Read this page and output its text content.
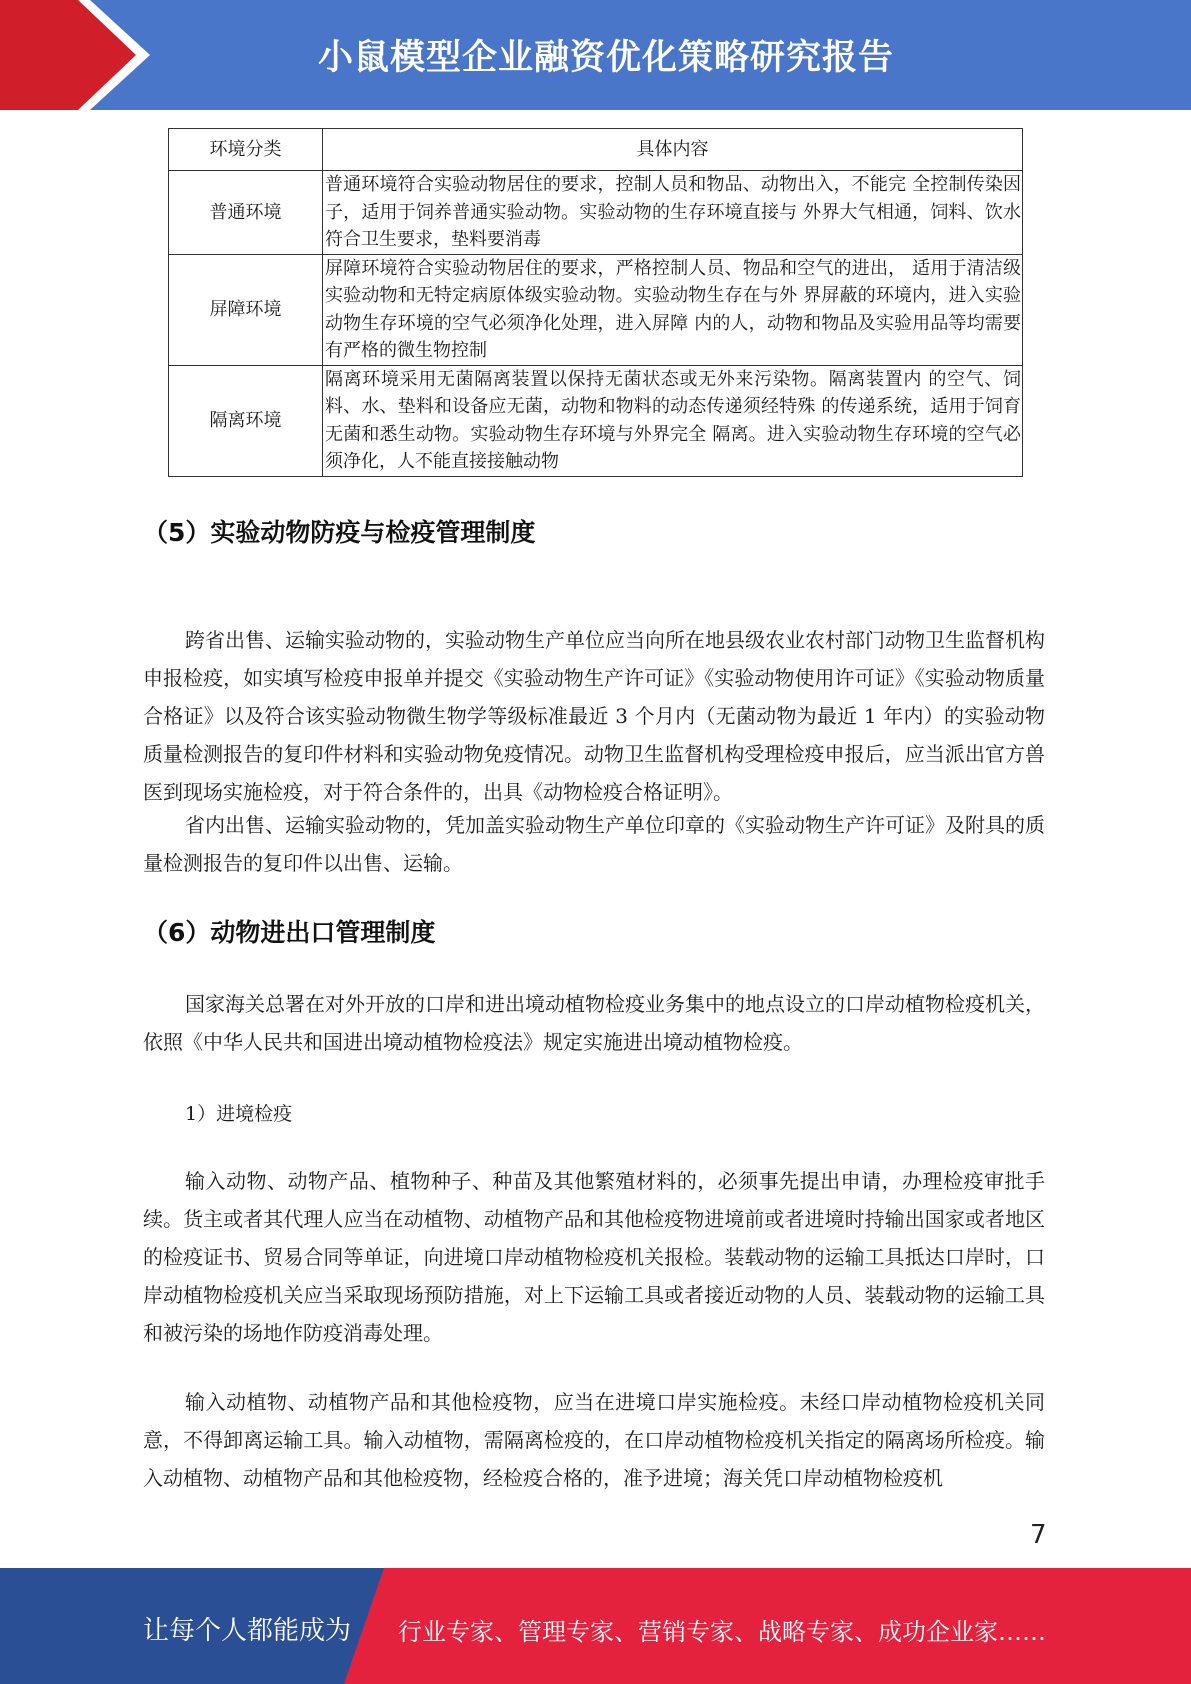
小鼠模型企业融资优化策略研究报告
环境分类	具体内容
普通环境	普通环境符合实验动物居住的要求，控制人员和物品、动物出入，不能完 全控制传染因子，适用于饲养普通实验动物。实验动物的生存环境直接与 外界大气相通，饲料、饮水符合卫生要求，垫料要消毒
屏障环境	屏障环境符合实验动物居住的要求，严格控制人员、物品和空气的进出， 适用于清洁级实验动物和无特定病原体级实验动物。实验动物生存在与外 界屏蔽的环境内，进入实验动物生存环境的空气必须净化处理，进入屏障 内的人，动物和物品及实验用品等均需要有严格的微生物控制
隔离环境	隔离环境采用无菌隔离装置以保持无菌状态或无外来污染物。隔离装置内 的空气、饲料、水、垫料和设备应无菌，动物和物料的动态传递须经特殊 的传递系统，适用于饲育无菌和悉生动物。实验动物生存环境与外界完全 隔离。进入实验动物生存环境的空气必须净化，人不能直接接触动物
（5）实验动物防疫与检疫管理制度

跨省出售、运输实验动物的，实验动物生产单位应当向所在地县级农业农村部门动物卫生监督机构申报检疫，如实填写检疫申报单并提交《实验动物生产许可证》《实验动物使用许可证》《实验动物质量合格证》以及符合该实验动物微生物学等级标准最近 3 个月内（无菌动物为最近 1 年内）的实验动物质量检测报告的复印件材料和实验动物免疫情况。动物卫生监督机构受理检疫申报后，应当派出官方兽医到现场实施检疫，对于符合条件的，出具《动物检疫合格证明》。

省内出售、运输实验动物的，凭加盖实验动物生产单位印章的《实验动物生产许可证》及附具的质量检测报告的复印件以出售、运输。

（6）动物进出口管理制度

国家海关总署在对外开放的口岸和进出境动植物检疫业务集中的地点设立的口岸动植物检疫机关，依照《中华人民共和国进出境动植物检疫法》规定实施进出境动植物检疫。

1）进境检疫

输入动物、动物产品、植物种子、种苗及其他繁殖材料的，必须事先提出申请，办理检疫审批手续。货主或者其代理人应当在动植物、动植物产品和其他检疫物进境前或者进境时持输出国家或者地区的检疫证书、贸易合同等单证，向进境口岸动植物检疫机关报检。装载动物的运输工具抵达口岸时，口岸动植物检疫机关应当采取现场预防措施，对上下运输工具或者接近动物的人员、装载动物的运输工具和被污染的场地作防疫消毒处理。

输入动植物、动植物产品和其他检疫物，应当在进境口岸实施检疫。未经口岸动植物检疫机关同意，不得卸离运输工具。输入动植物，需隔离检疫的，在口岸动植物检疫机关指定的隔离场所检疫。输入动植物、动植物产品和其他检疫物，经检疫合格的，准予进境；海关凭口岸动植物检疫机

7
让每个人都能成为 行业专家、管理专家、营销专家、战略专家、成功企业家……
